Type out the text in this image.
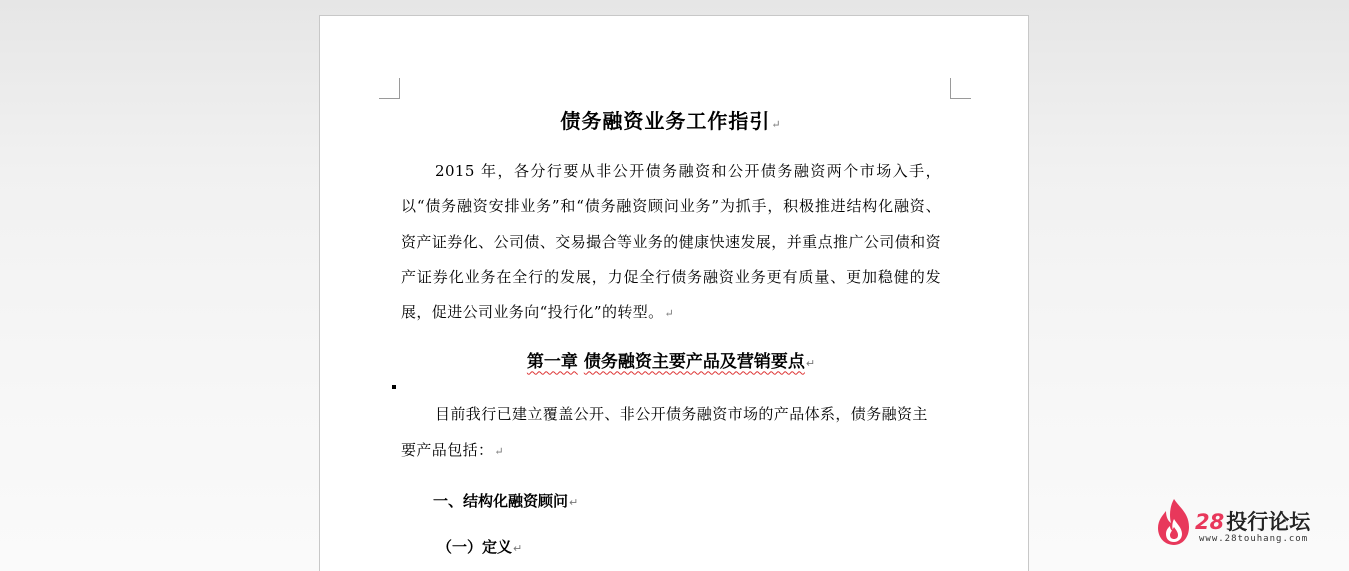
债务融资业务工作指引↵

2015 年，各分行要从非公开债务融资和公开债务融资两个市场入手，以“债务融资安排业务”和“债务融资顾问业务”为抓手，积极推进结构化融资、资产证券化、公司债、交易撮合等业务的健康快速发展，并重点推广公司债和资产证券化业务在全行的发展，力促全行债务融资业务更有质量、更加稳健的发展，促进公司业务向“投行化”的转型。↵

第一章 债务融资主要产品及营销要点↵

目前我行已建立覆盖公开、非公开债务融资市场的产品体系，债务融资主要产品包括：↵

一、结构化融资顾问↵
（一）定义↵
28投行论坛
www.28touhang.com
